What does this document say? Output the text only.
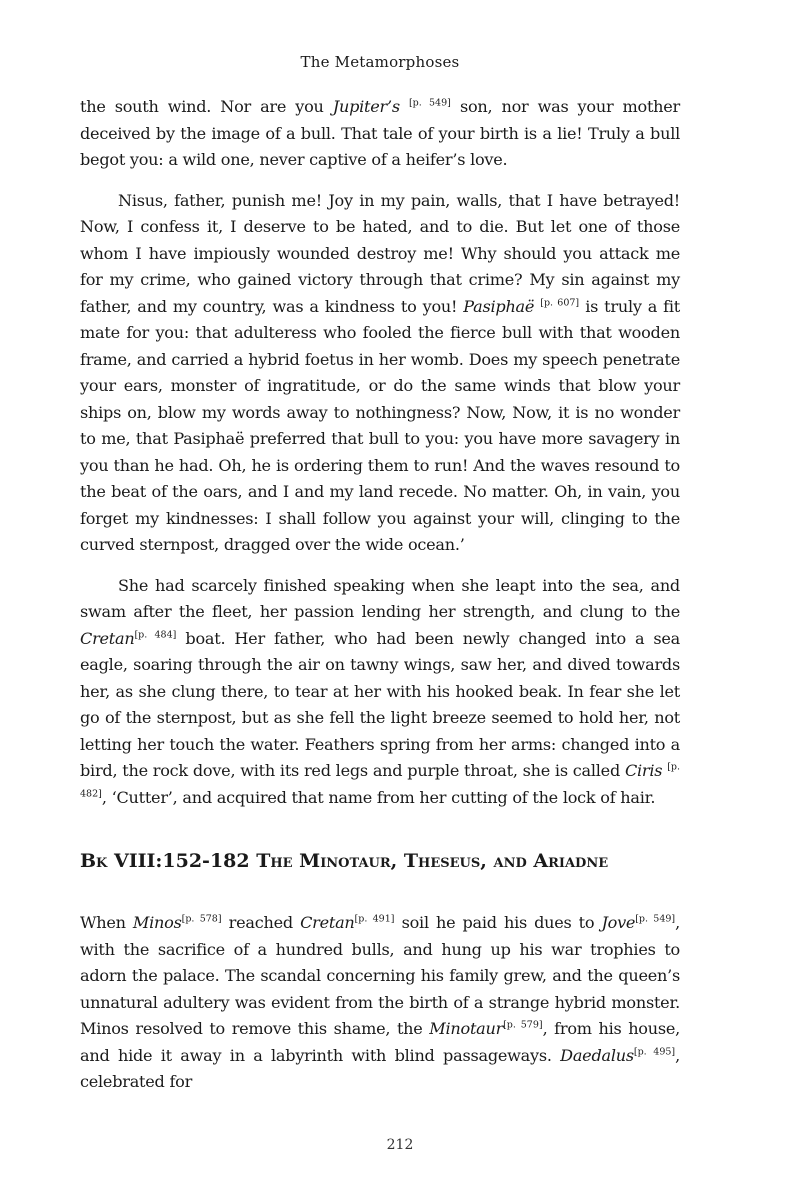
The Metamorphoses

the south wind. Nor are you Jupiter’s [p. 549] son, nor was your mother deceived by the image of a bull. That tale of your birth is a lie! Truly a bull begot you: a wild one, never captive of a heifer’s love.

Nisus, father, punish me! Joy in my pain, walls, that I have betrayed! Now, I confess it, I deserve to be hated, and to die. But let one of those whom I have impiously wounded destroy me! Why should you attack me for my crime, who gained victory through that crime? My sin against my father, and my country, was a kindness to you! Pasiphaë [p. 607] is truly a fit mate for you: that adulteress who fooled the fierce bull with that wooden frame, and carried a hybrid foetus in her womb. Does my speech penetrate your ears, monster of ingratitude, or do the same winds that blow your ships on, blow my words away to nothingness? Now, Now, it is no wonder to me, that Pasiphaë preferred that bull to you: you have more savagery in you than he had. Oh, he is ordering them to run! And the waves resound to the beat of the oars, and I and my land recede. No matter. Oh, in vain, you forget my kindnesses: I shall follow you against your will, clinging to the curved sternpost, dragged over the wide ocean.’

She had scarcely finished speaking when she leapt into the sea, and swam after the fleet, her passion lending her strength, and clung to the Cretan[p. 484] boat. Her father, who had been newly changed into a sea eagle, soaring through the air on tawny wings, saw her, and dived towards her, as she clung there, to tear at her with his hooked beak. In fear she let go of the sternpost, but as she fell the light breeze seemed to hold her, not letting her touch the water. Feathers spring from her arms: changed into a bird, the rock dove, with its red legs and purple throat, she is called Ciris [p. 482], ‘Cutter’, and acquired that name from her cutting of the lock of hair.

Bk VIII:152-182 The Minotaur, Theseus, and Ariadne

When Minos[p. 578] reached Cretan[p. 491] soil he paid his dues to Jove[p. 549], with the sacrifice of a hundred bulls, and hung up his war trophies to adorn the palace. The scandal concerning his family grew, and the queen’s unnatural adultery was evident from the birth of a strange hybrid monster. Minos resolved to remove this shame, the Minotaur[p. 579], from his house, and hide it away in a labyrinth with blind passageways. Daedalus[p. 495], celebrated for

212
